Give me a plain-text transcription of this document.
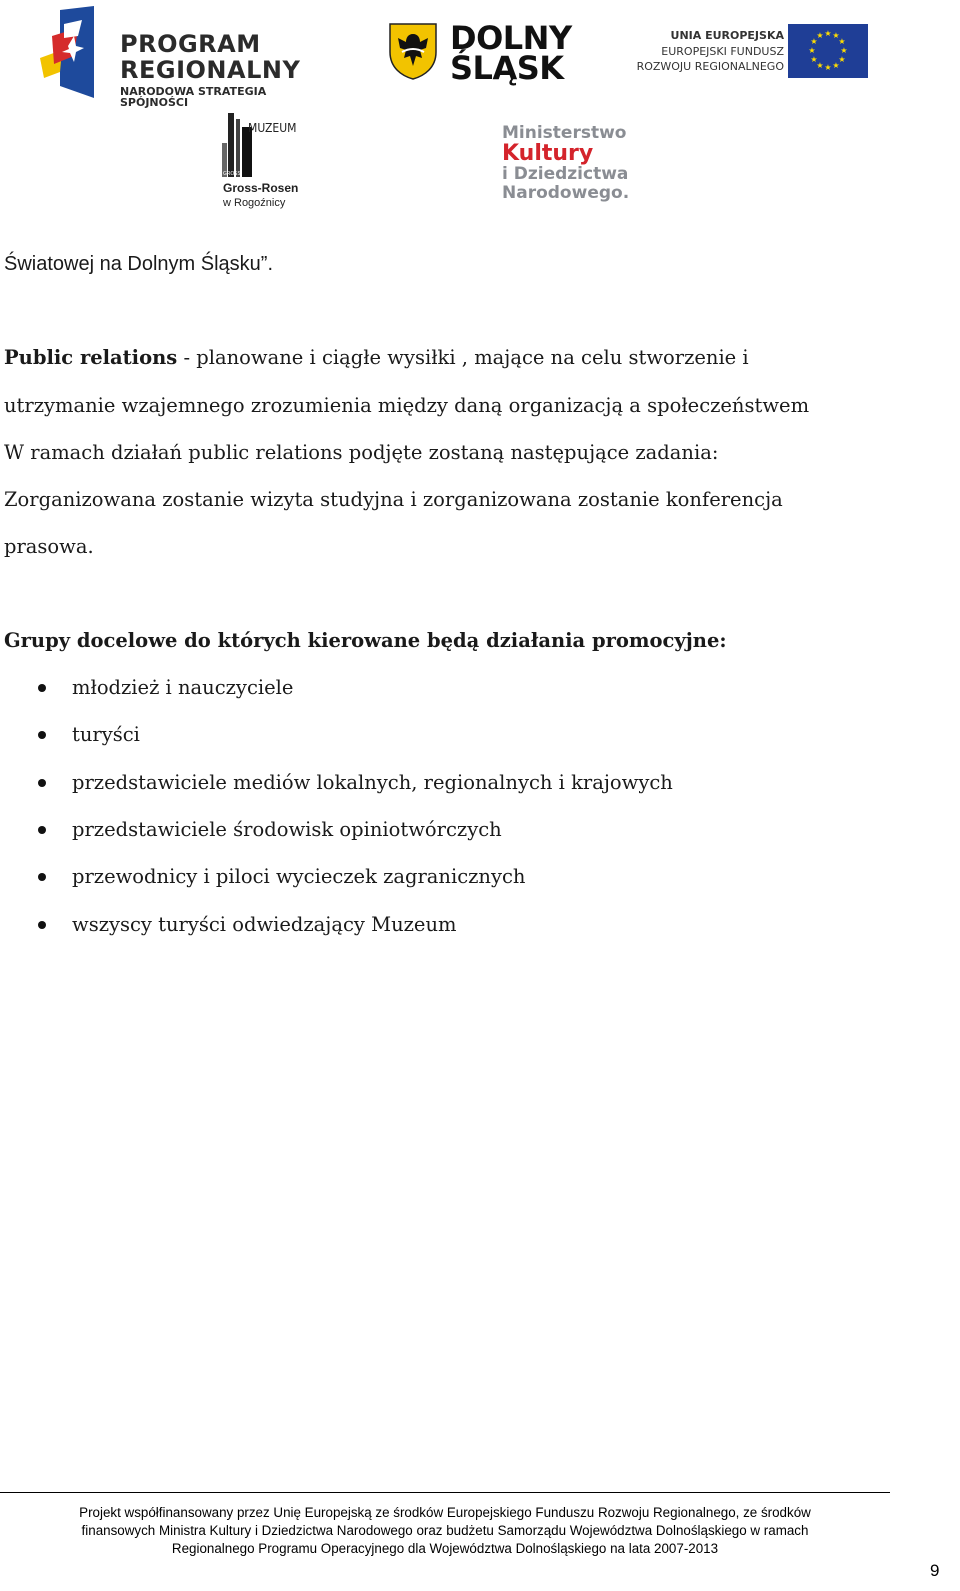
PROGRAM
REGIONALNY
NARODOWA STRATEGIA SPÓJNOŚCI
DOLNY
ŚLĄSK
UNIA EUROPEJSKA
EUROPEJSKI FUNDUSZ
ROZWOJU REGIONALNEGO
★ ★
★
★
★
★
★
★
★
★
★
★
GROSS
MUZEUM
Gross-Rosen
w Rogoźnicy
Ministerstwo
Kultury
i Dziedzictwa
Narodowego.
Światowej na Dolnym Śląsku”.
Public relations - planowane i ciągłe wysiłki , mające na celu stworzenie i
utrzymanie wzajemnego zrozumienia między daną organizacją a społeczeństwem
W ramach działań public relations podjęte zostaną następujące zadania:
Zorganizowana zostanie wizyta studyjna i zorganizowana zostanie konferencja
prasowa.
Grupy docelowe do których kierowane będą działania promocyjne:
młodzież i nauczyciele
turyści
przedstawiciele mediów lokalnych, regionalnych i krajowych
przedstawiciele środowisk opiniotwórczych
przewodnicy i piloci wycieczek zagranicznych
wszyscy turyści odwiedzający Muzeum
Projekt współfinansowany przez Unię Europejską ze środków Europejskiego Funduszu Rozwoju Regionalnego, ze środków
finansowych Ministra Kultury i Dziedzictwa Narodowego oraz budżetu Samorządu Województwa Dolnośląskiego w ramach
Regionalnego Programu Operacyjnego dla Województwa Dolnośląskiego na lata 2007-2013
9
